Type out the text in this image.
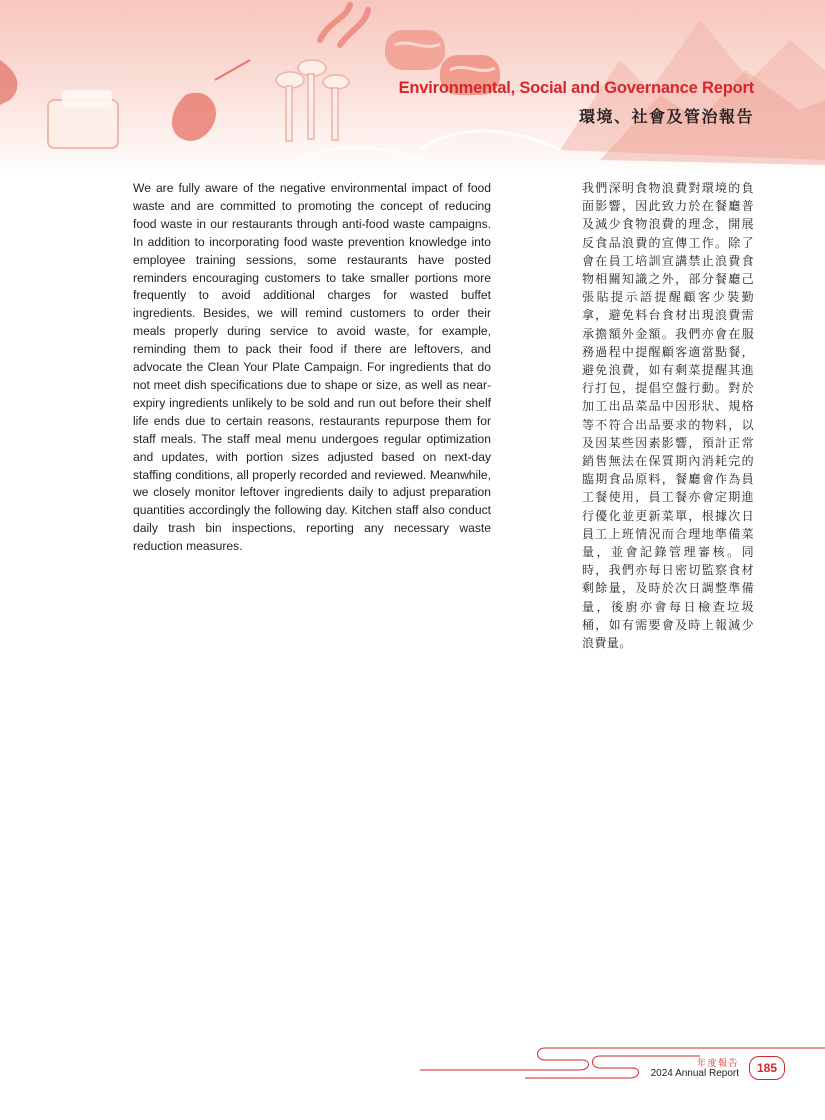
Environmental, Social and Governance Report
環境、社會及管治報告

We are fully aware of the negative environmental impact of food waste and are committed to promoting the concept of reducing food waste in our restaurants through anti-food waste campaigns. In addition to incorporating food waste prevention knowledge into employee training sessions, some restaurants have posted reminders encouraging customers to take smaller portions more frequently to avoid additional charges for wasted buffet ingredients. Besides, we will remind customers to order their meals properly during service to avoid waste, for example, reminding them to pack their food if there are leftovers, and advocate the Clean Your Plate Campaign. For ingredients that do not meet dish specifications due to shape or size, as well as near-expiry ingredients unlikely to be sold and run out before their shelf life ends due to certain reasons, restaurants repurpose them for staff meals. The staff meal menu undergoes regular optimization and updates, with portion sizes adjusted based on next-day staffing conditions, all properly recorded and reviewed. Meanwhile, we closely monitor leftover ingredients daily to adjust preparation quantities accordingly the following day. Kitchen staff also conduct daily trash bin inspections, reporting any necessary waste reduction measures.

我們深明食物浪費對環境的負面影響，因此致力於在餐廳普及減少食物浪費的理念，開展反食品浪費的宣傳工作。除了會在員工培訓宣講禁止浪費食物相關知識之外，部分餐廳己張貼提示語提醒顧客少裝勤拿，避免料台食材出現浪費需承擔額外金額。我們亦會在服務過程中提醒顧客適當點餐，避免浪費，如有剩菜提醒其進行打包，提倡空盤行動。對於加工出品菜品中因形狀、規格等不符合出品要求的物料，以及因某些因素影響，預計正常銷售無法在保質期內消耗完的臨期食品原料，餐廳會作為員工餐使用，員工餐亦會定期進行優化並更新菜單，根據次日員工上班情況而合理地準備菜量，並會記錄管理審核。同時，我們亦每日密切監察食材剩餘量，及時於次日調整準備量，後廚亦會每日檢查垃圾桶，如有需要會及時上報減少浪費量。

年度報告
2024 Annual Report	185
